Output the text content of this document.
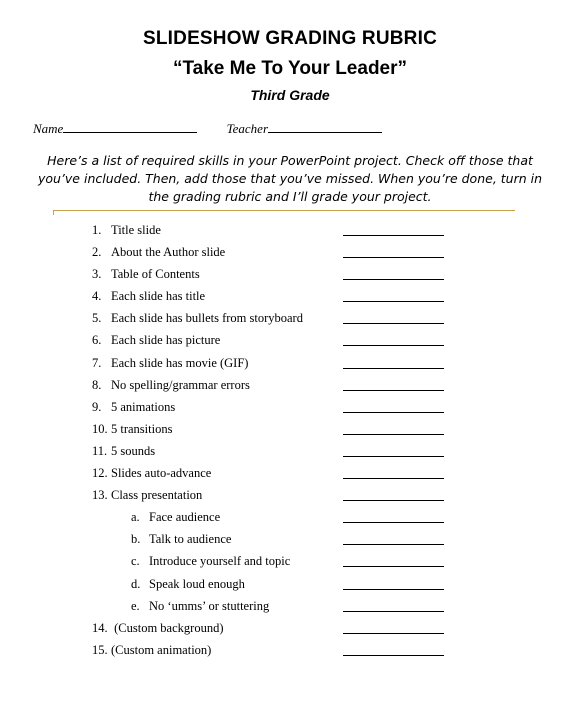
SLIDESHOW GRADING RUBRIC
“Take Me To Your Leader”
Third Grade
Name	Teacher
Here’s a list of required skills in your PowerPoint project. Check off those that you’ve included. Then, add those that you’ve missed. When you’re done, turn in the grading rubric and I’ll grade your project.
1. Title slide
2. About the Author slide
3. Table of Contents
4. Each slide has title
5. Each slide has bullets from storyboard
6. Each slide has picture
7. Each slide has movie (GIF)
8. No spelling/grammar errors
9. 5 animations
10. 5 transitions
11. 5 sounds
12. Slides auto-advance
13. Class presentation
a. Face audience
b. Talk to audience
c. Introduce yourself and topic
d. Speak loud enough
e. No ‘umms’ or stuttering
14. (Custom background)
15. (Custom animation)
